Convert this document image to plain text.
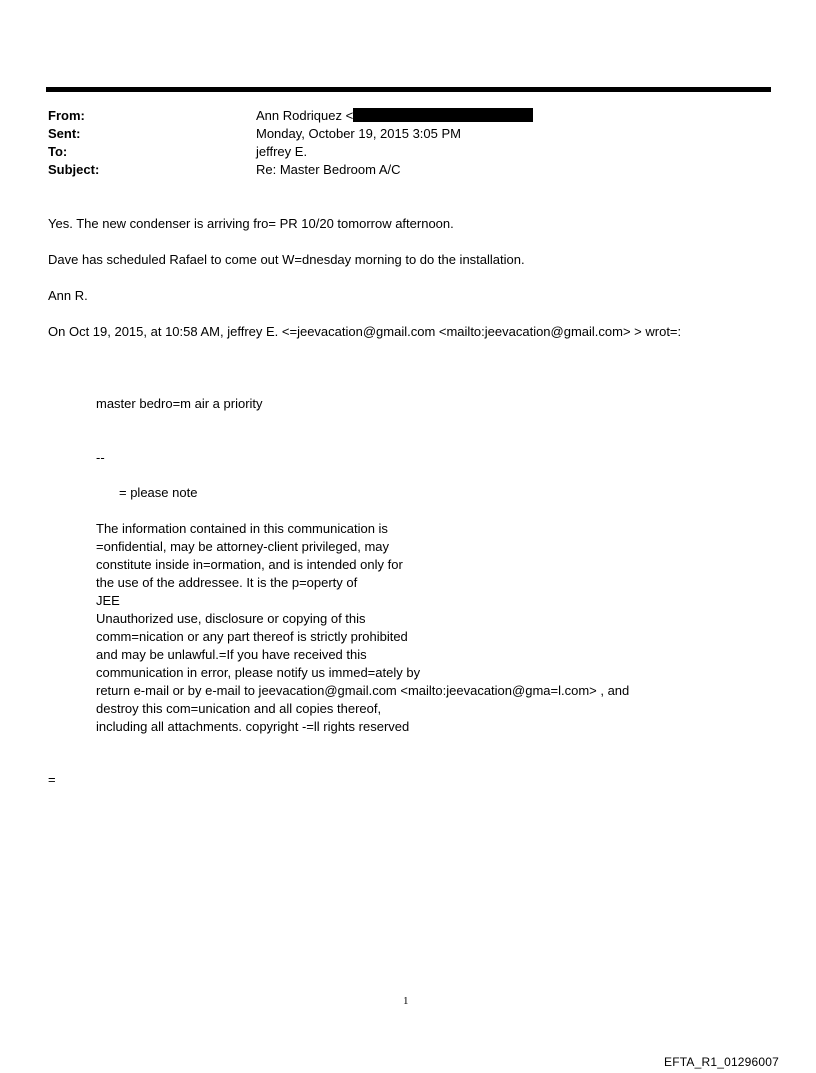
From:	Ann Rodriquez <
Sent:	Monday, October 19, 2015 3:05 PM
To:	jeffrey E.
Subject:	Re: Master Bedroom A/C
Yes. The new condenser is arriving fro= PR 10/20 tomorrow afternoon.
Dave has scheduled Rafael to come out W=dnesday morning to do the installation.
Ann R.
On Oct 19, 2015, at 10:58 AM, jeffrey E. <=jeevacation@gmail.com <mailto:jeevacation@gmail.com> > wrot=:
master bedro=m air a priority
--
= please note
The information contained in this communication is
=onfidential, may be attorney-client privileged, may
constitute inside in=ormation, and is intended only for
the use of the addressee. It is the p=operty of
JEE
Unauthorized use, disclosure or copying of this
comm=nication or any part thereof is strictly prohibited
and may be unlawful.=If you have received this
communication in error, please notify us immed=ately by
return e-mail or by e-mail to jeevacation@gmail.com <mailto:jeevacation@gma=l.com> , and
destroy this com=unication and all copies thereof,
including all attachments. copyright -=ll rights reserved
=
1
EFTA_R1_01296007
